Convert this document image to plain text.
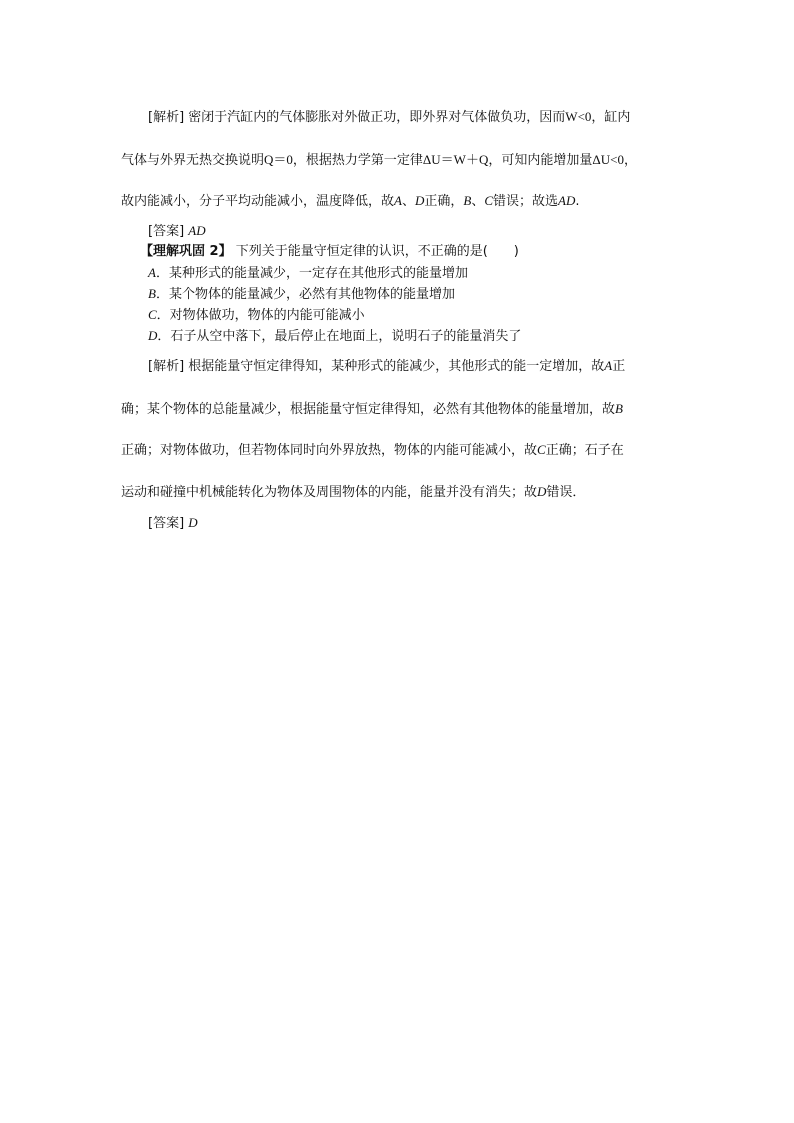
[解析] 密闭于汽缸内的气体膨胀对外做正功，即外界对气体做负功，因而W<0，缸内
气体与外界无热交换说明Q＝0，根据热力学第一定律ΔU＝W＋Q，可知内能增加量ΔU<0，
故内能减小，分子平均动能减小，温度降低，故A、D正确，B、C错误；故选AD.
[答案] AD
【理解巩固 2】 下列关于能量守恒定律的认识，不正确的是(　　)
A．某种形式的能量减少，一定存在其他形式的能量增加
B．某个物体的能量减少，必然有其他物体的能量增加
C．对物体做功，物体的内能可能减小
D．石子从空中落下，最后停止在地面上，说明石子的能量消失了
[解析] 根据能量守恒定律得知，某种形式的能减少，其他形式的能一定增加，故A正
确；某个物体的总能量减少，根据能量守恒定律得知，必然有其他物体的能量增加，故B
正确；对物体做功，但若物体同时向外界放热，物体的内能可能减小，故C正确；石子在
运动和碰撞中机械能转化为物体及周围物体的内能，能量并没有消失；故D错误．
[答案] D
